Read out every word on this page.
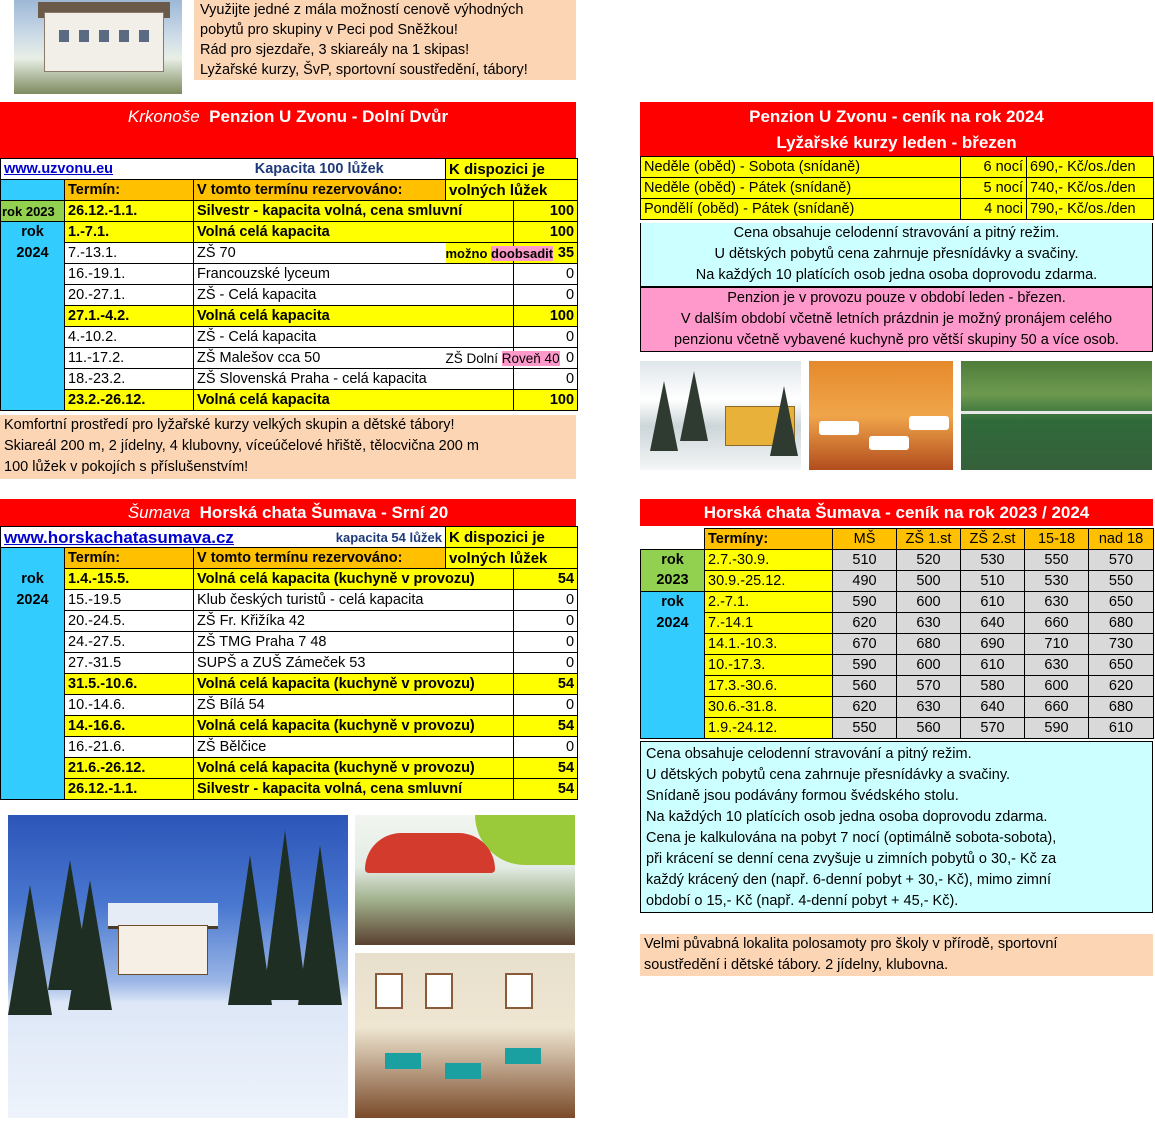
Využijte jedné z mála možností cenově výhodných
pobytů pro skupiny v Peci pod Sněžkou!
Rád pro sjezdaře, 3 skiareály na 1 skipas!
Lyžařské kurzy, ŠvP, sportovní soustředění, tábory!
Krkonoše Penzion U Zvonu - Dolní Dvůr
www.uzvonu.eu		Kapacita 100 lůžek	K dispozici je	
	Termín:	V tomto termínu rezervováno:	volných lůžek	
rok 2023	26.12.-1.1.	Silvestr - kapacita volná, cena smluvní		100
rok	1.-7.1.	Volná celá kapacita		100
2024	7.-13.1.	ZŠ 70	možno doobsadit	35
	16.-19.1.	Francouzské lyceum		0
	20.-27.1.	ZŠ - Celá kapacita		0
	27.1.-4.2.	Volná celá kapacita		100
	4.-10.2.	ZŠ - Celá kapacita		0
	11.-17.2.	ZŠ Malešov cca 50	ZŠ Dolní Roveň 40	0
	18.-23.2.	ZŠ Slovenská Praha - celá kapacita		0
	23.2.-26.12.	Volná celá kapacita		100
Komfortní prostředí pro lyžařské kurzy velkých skupin a dětské tábory!
Skiareál 200 m, 2 jídelny, 4 klubovny, víceúčelové hřiště, tělocvična 200 m
100 lůžek v pokojích s příslušenstvím!
Penzion U Zvonu - ceník na rok 2024
Lyžařské kurzy leden - březen
Neděle (oběd) - Sobota (snídaně)	6 nocí	690,- Kč/os./den
Neděle (oběd) - Pátek (snídaně)	5 nocí	740,- Kč/os./den
Pondělí (oběd) - Pátek (snídaně)	4 noci	790,- Kč/os./den
Cena obsahuje celodenní stravování a pitný režim.
U dětských pobytů cena zahrnuje přesnídávky a svačiny.
Na každých 10 platících osob jedna osoba doprovodu zdarma.
Penzion je v provozu pouze v období leden - březen.
V dalším období včetně letních prázdnin je možný pronájem celého
penzionu včetně vybavené kuchyně pro větší skupiny 50 a více osob.
Šumava Horská chata Šumava - Srní 20
www.horskachatasumava.cz		kapacita 54 lůžek	K dispozici je	
	Termín:	V tomto termínu rezervováno:	volných lůžek	
rok	1.4.-15.5.	Volná celá kapacita (kuchyně v provozu)		54
2024	15.-19.5	Klub českých turistů - celá kapacita		0
	20.-24.5.	ZŠ Fr. Křižíka 42		0
	24.-27.5.	ZŠ TMG Praha 7 48		0
	27.-31.5	SUPŠ a ZUŠ Zámeček 53		0
	31.5.-10.6.	Volná celá kapacita (kuchyně v provozu)		54
	10.-14.6.	ZŠ Bílá 54		0
	14.-16.6.	Volná celá kapacita (kuchyně v provozu)		54
	16.-21.6.	ZŠ Bělčice		0
	21.6.-26.12.	Volná celá kapacita (kuchyně v provozu)		54
	26.12.-1.1.	Silvestr - kapacita volná, cena smluvní		54
Horská chata Šumava - ceník na rok 2023 / 2024
	Termíny:	MŠ	ZŠ 1.st	ZŠ 2.st	15-18	nad 18
rok	2.7.-30.9.	510	520	530	550	570
2023	30.9.-25.12.	490	500	510	530	550
rok	2.-7.1.	590	600	610	630	650
2024	7.-14.1	620	630	640	660	680
	14.1.-10.3.	670	680	690	710	730
	10.-17.3.	590	600	610	630	650
	17.3.-30.6.	560	570	580	600	620
	30.6.-31.8.	620	630	640	660	680
	1.9.-24.12.	550	560	570	590	610
Cena obsahuje celodenní stravování a pitný režim.
U dětských pobytů cena zahrnuje přesnídávky a svačiny.
Snídaně jsou podávány formou švédského stolu.
Na každých 10 platících osob jedna osoba doprovodu zdarma.
Cena je kalkulována na pobyt 7 nocí (optimálně sobota-sobota),
při krácení se denní cena zvyšuje u zimních pobytů o 30,- Kč za
každý krácený den (např. 6-denní pobyt + 30,- Kč), mimo zimní
období o 15,- Kč (např. 4-denní pobyt + 45,- Kč).
Velmi půvabná lokalita polosamoty pro školy v přírodě, sportovní
soustředění i dětské tábory. 2 jídelny, klubovna.
